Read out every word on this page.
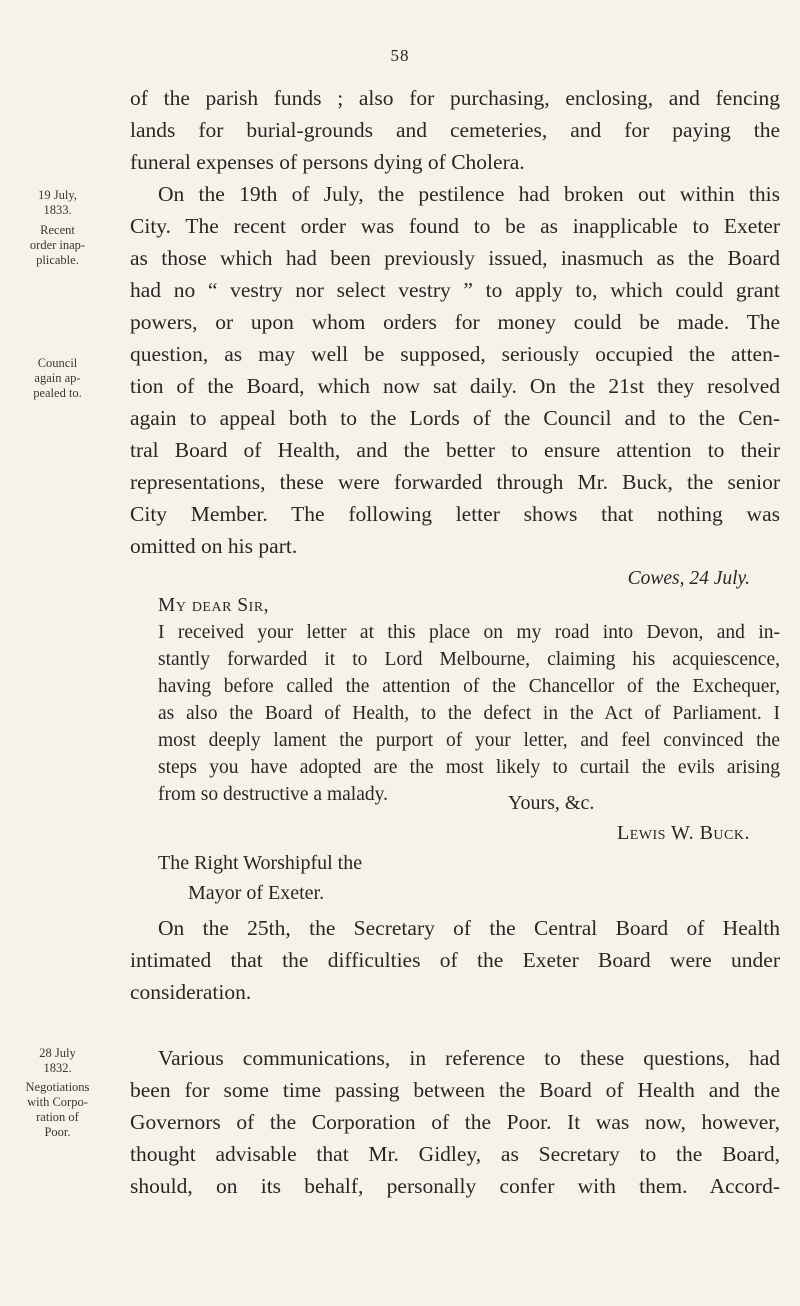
58
19 July,
1833.
Recent
order inap-
plicable.
Council
again ap-
pealed to.
28 July
1832.
Negotiations
with Corpo-
ration of
Poor.
of the parish funds ; also for purchasing, enclosing, and fencing
lands for burial-grounds and cemeteries, and for paying the
funeral expenses of persons dying of Cholera.
On the 19th of July, the pestilence had broken out within this
City. The recent order was found to be as inapplicable to Exeter
as those which had been previously issued, inasmuch as the Board
had no “ vestry nor select vestry ” to apply to, which could grant
powers, or upon whom orders for money could be made. The
question, as may well be supposed, seriously occupied the atten-
tion of the Board, which now sat daily. On the 21st they resolved
again to appeal both to the Lords of the Council and to the Cen-
tral Board of Health, and the better to ensure attention to their
representations, these were forwarded through Mr. Buck, the senior
City Member. The following letter shows that nothing was
omitted on his part.
Cowes, 24 July.
My dear Sir,
I received your letter at this place on my road into Devon, and in-
stantly forwarded it to Lord Melbourne, claiming his acquiescence,
having before called the attention of the Chancellor of the Exchequer,
as also the Board of Health, to the defect in the Act of Parliament. I
most deeply lament the purport of your letter, and feel convinced the
steps you have adopted are the most likely to curtail the evils arising
from so destructive a malady.	Yours, &c.
Lewis W. Buck.
The Right Worshipful the
Mayor of Exeter.
On the 25th, the Secretary of the Central Board of Health
intimated that the difficulties of the Exeter Board were under
consideration.
Various communications, in reference to these questions, had
been for some time passing between the Board of Health and the
Governors of the Corporation of the Poor. It was now, however,
thought advisable that Mr. Gidley, as Secretary to the Board,
should, on its behalf, personally confer with them. Accord-
